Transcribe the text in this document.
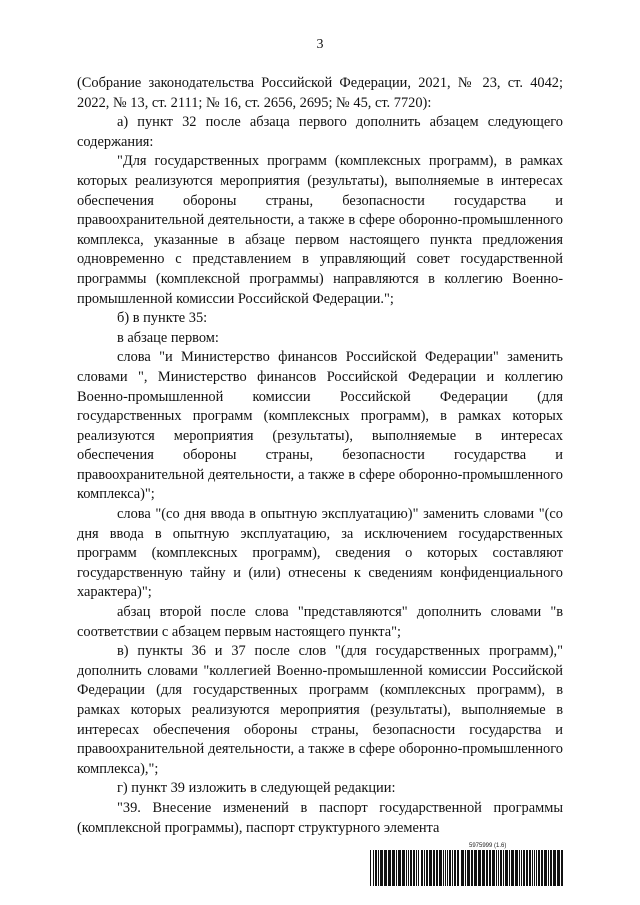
3

(Собрание законодательства Российской Федерации, 2021, № 23, ст. 4042; 2022, № 13, ст. 2111; № 16, ст. 2656, 2695; № 45, ст. 7720):

а) пункт 32 после абзаца первого дополнить абзацем следующего содержания:

"Для государственных программ (комплексных программ), в рамках которых реализуются мероприятия (результаты), выполняемые в интересах обеспечения обороны страны, безопасности государства и правоохранительной деятельности, а также в сфере оборонно-промышленного комплекса, указанные в абзаце первом настоящего пункта предложения одновременно с представлением в управляющий совет государственной программы (комплексной программы) направляются в коллегию Военно-промышленной комиссии Российской Федерации.";

б) в пункте 35:

в абзаце первом:

слова "и Министерство финансов Российской Федерации" заменить словами ", Министерство финансов Российской Федерации и коллегию Военно-промышленной комиссии Российской Федерации (для государственных программ (комплексных программ), в рамках которых реализуются мероприятия (результаты), выполняемые в интересах обеспечения обороны страны, безопасности государства и правоохранительной деятельности, а также в сфере оборонно-промышленного комплекса)";

слова "(со дня ввода в опытную эксплуатацию)" заменить словами "(со дня ввода в опытную эксплуатацию, за исключением государственных программ (комплексных программ), сведения о которых составляют государственную тайну и (или) отнесены к сведениям конфиденциального характера)";

абзац второй после слова "представляются" дополнить словами "в соответствии с абзацем первым настоящего пункта";

в) пункты 36 и 37 после слов "(для государственных программ)," дополнить словами "коллегией Военно-промышленной комиссии Российской Федерации (для государственных программ (комплексных программ), в рамках которых реализуются мероприятия (результаты), выполняемые в интересах обеспечения обороны страны, безопасности государства и правоохранительной деятельности, а также в сфере оборонно-промышленного комплекса),";

г) пункт 39 изложить в следующей редакции:

"39. Внесение изменений в паспорт государственной программы (комплексной программы), паспорт структурного элемента

5975999 (1.6)
